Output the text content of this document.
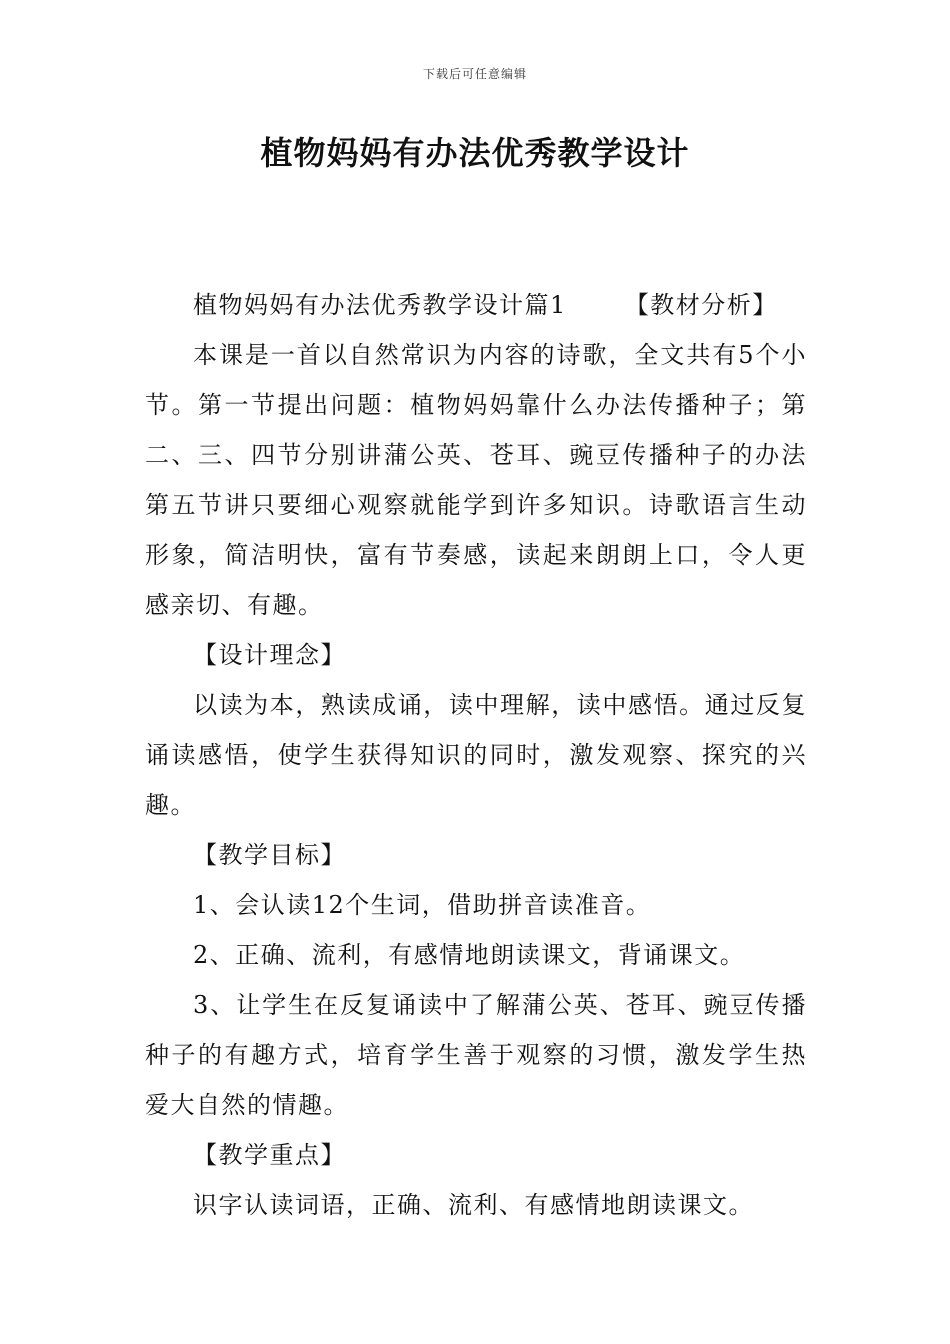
下载后可任意编辑
植物妈妈有办法优秀教学设计

植物妈妈有办法优秀教学设计篇1 【教材分析】

本课是一首以自然常识为内容的诗歌，全文共有5个小节。第一节提出问题：植物妈妈靠什么办法传播种子；第二、三、四节分别讲蒲公英、苍耳、豌豆传播种子的办法第五节讲只要细心观察就能学到许多知识。诗歌语言生动形象，简洁明快，富有节奏感，读起来朗朗上口，令人更感亲切、有趣。

【设计理念】

以读为本，熟读成诵，读中理解，读中感悟。通过反复诵读感悟，使学生获得知识的同时，激发观察、探究的兴趣。

【教学目标】

1、会认读12个生词，借助拼音读准音。

2、正确、流利，有感情地朗读课文，背诵课文。

3、让学生在反复诵读中了解蒲公英、苍耳、豌豆传播种子的有趣方式，培育学生善于观察的习惯，激发学生热爱大自然的情趣。

【教学重点】

识字认读词语，正确、流利、有感情地朗读课文。
